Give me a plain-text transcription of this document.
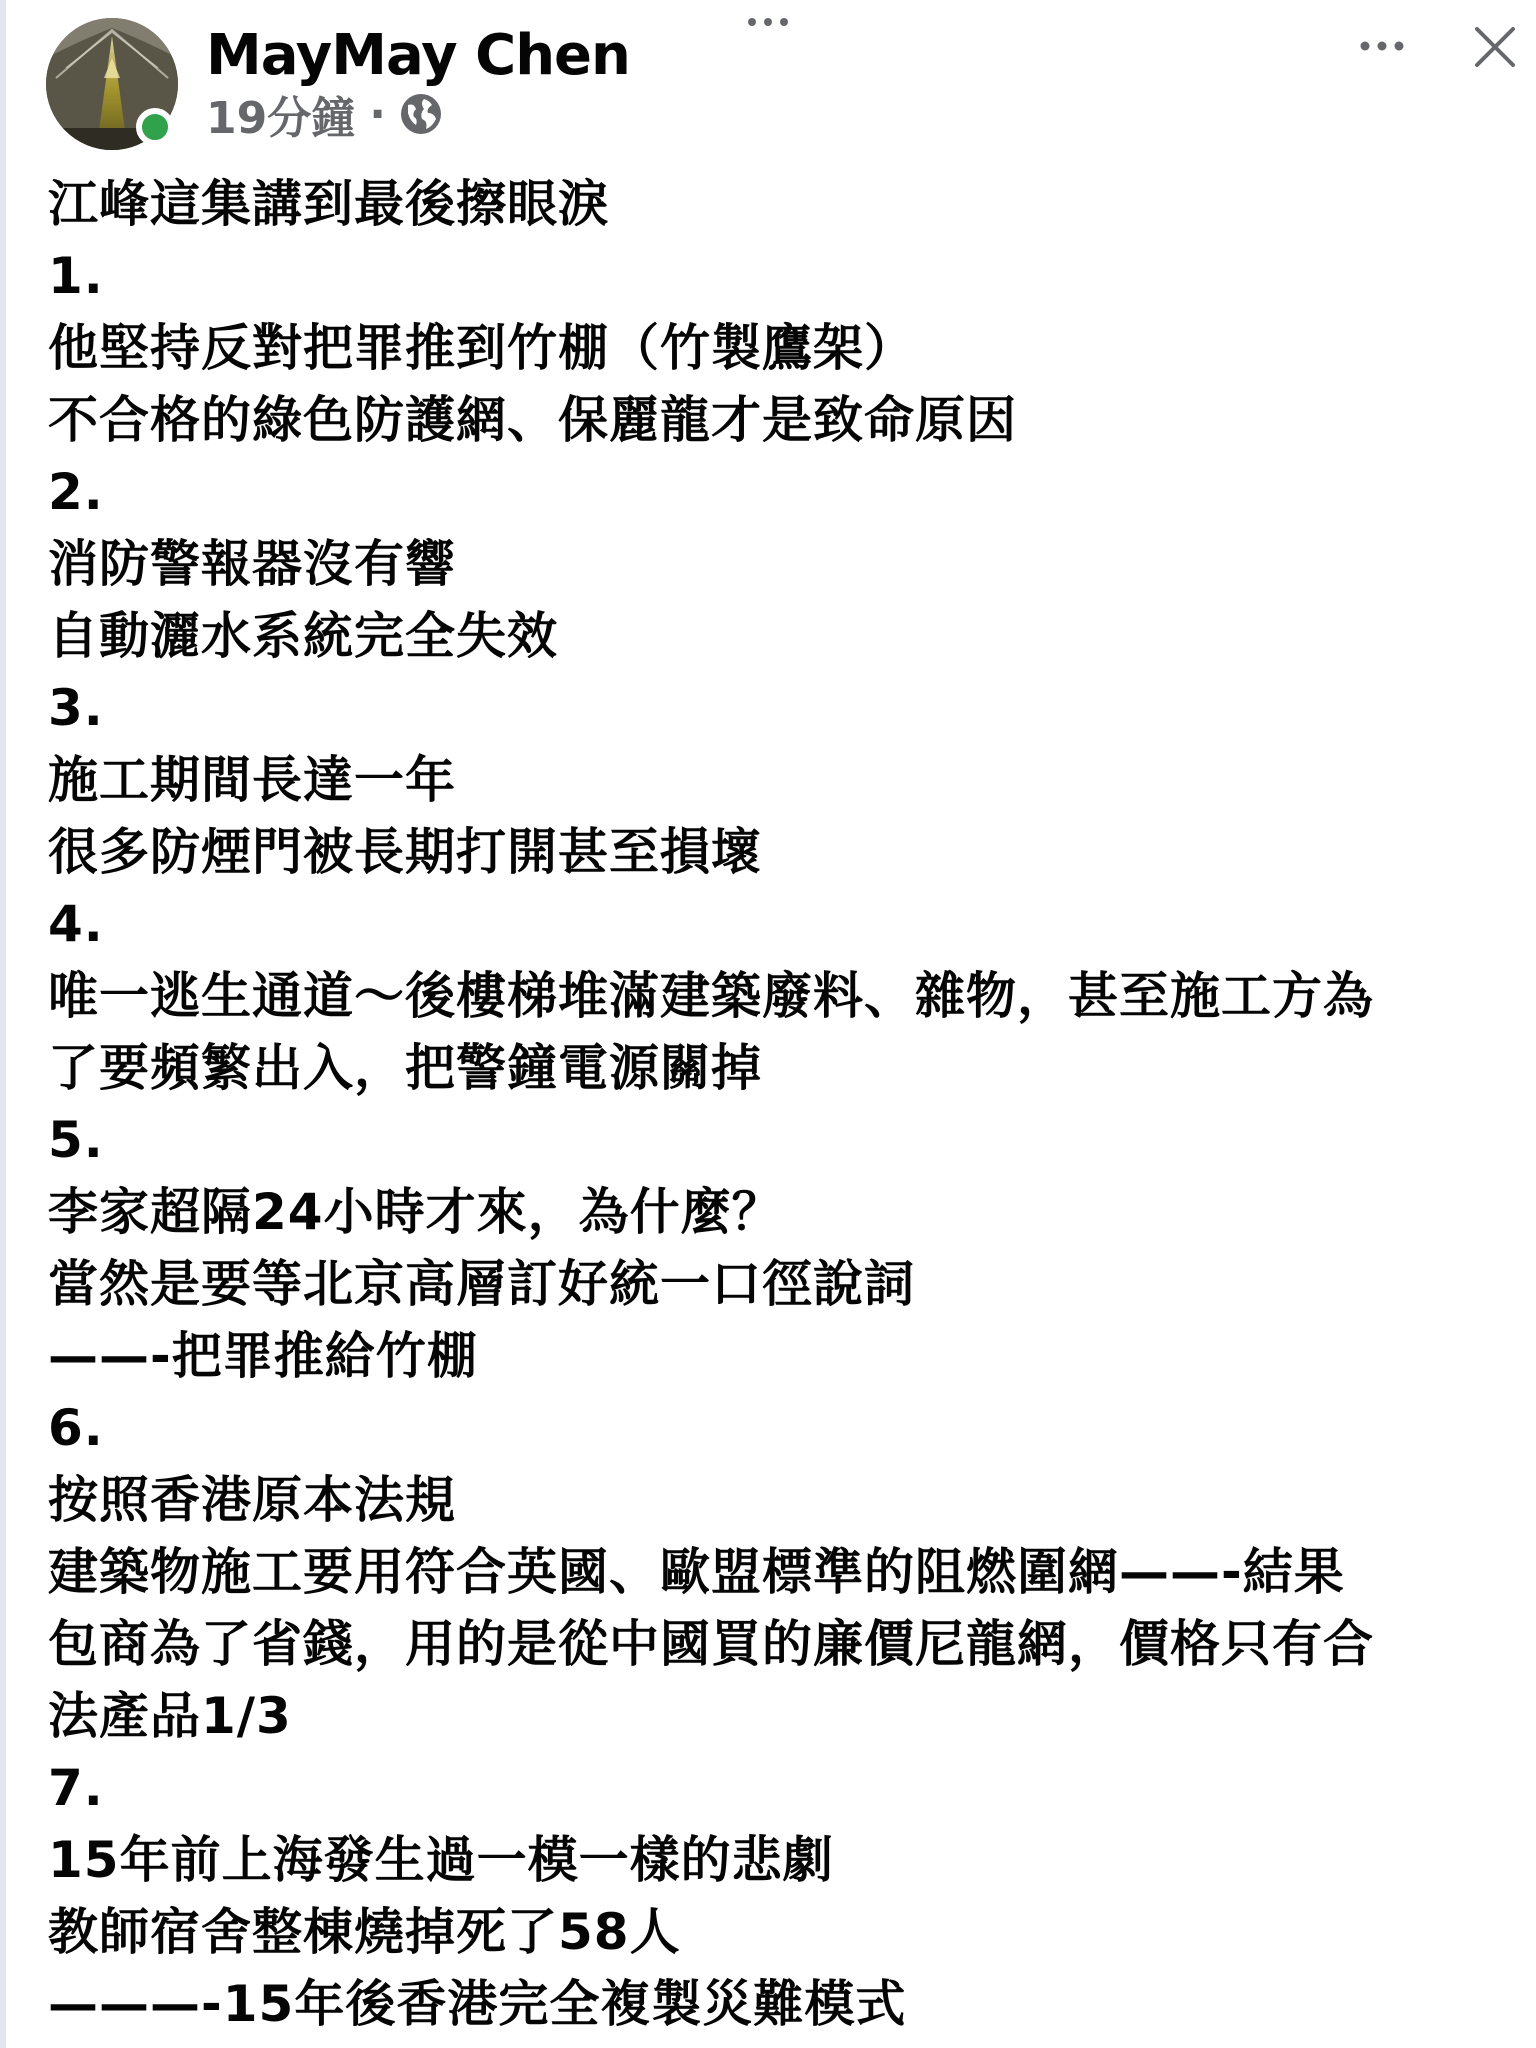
MayMay Chen
19分鐘 ·
江峰這集講到最後擦眼淚
1.
他堅持反對把罪推到竹棚（竹製鷹架）
不合格的綠色防護網、保麗龍才是致命原因
2.
消防警報器沒有響
自動灑水系統完全失效
3.
施工期間長達一年
很多防煙門被長期打開甚至損壞
4.
唯一逃生通道～後樓梯堆滿建築廢料、雜物，甚至施工方為
了要頻繁出入，把警鐘電源關掉
5.
李家超隔24小時才來，為什麼？
當然是要等北京高層訂好統一口徑說詞
——-把罪推給竹棚
6.
按照香港原本法規
建築物施工要用符合英國、歐盟標準的阻燃圍網——-結果
包商為了省錢，用的是從中國買的廉價尼龍網，價格只有合
法產品1/3
7.
15年前上海發生過一模一樣的悲劇
教師宿舍整棟燒掉死了58人
———-15年後香港完全複製災難模式
